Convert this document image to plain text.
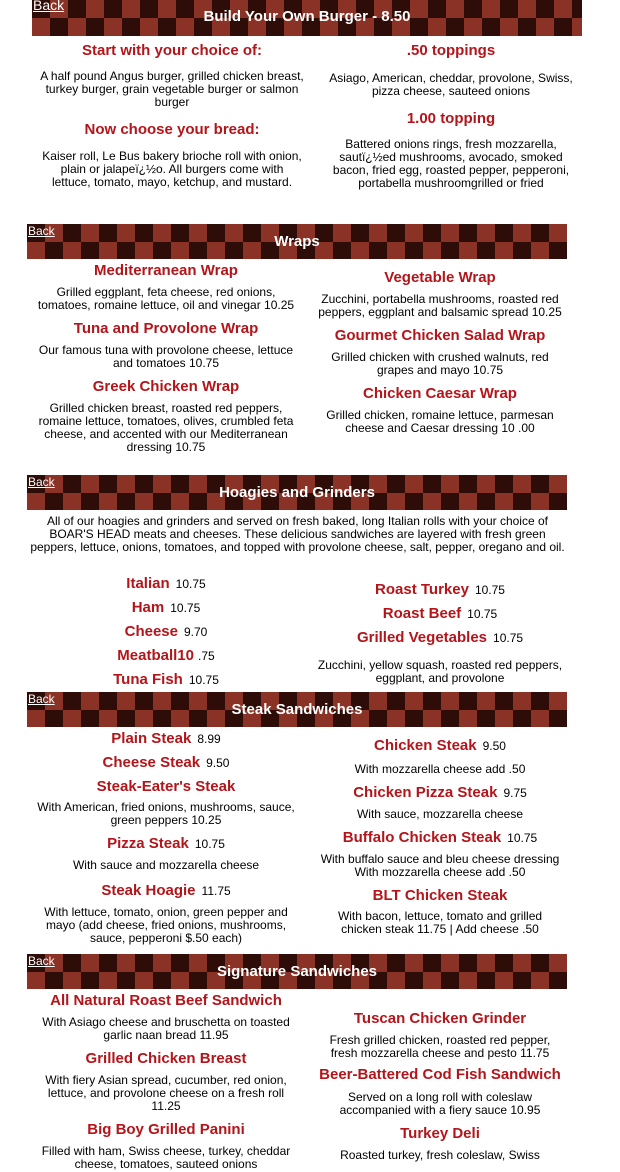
Back
Build Your Own Burger - 8.50

Start with your choice of:

A half pound Angus burger, grilled chicken breast, turkey burger, grain vegetable burger or salmon burger

Now choose your bread:

Kaiser roll, Le Bus bakery brioche roll with onion, plain or jalapeï¿½o. All burgers come with lettuce, tomato, mayo, ketchup, and mustard.

.50 toppings

Asiago, American, cheddar, provolone, Swiss, pizza cheese, sauteed onions

1.00 topping

Battered onions rings, fresh mozzarella, sautï¿½ed mushrooms, avocado, smoked bacon, fried egg, roasted pepper, pepperoni, portabella mushroomgrilled or fried

Back
Wraps

Mediterranean Wrap

Grilled eggplant, feta cheese, red onions, tomatoes, romaine lettuce, oil and vinegar 10.25

Tuna and Provolone Wrap

Our famous tuna with provolone cheese, lettuce and tomatoes 10.75

Greek Chicken Wrap

Grilled chicken breast, roasted red peppers, romaine lettuce, tomatoes, olives, crumbled feta cheese, and accented with our Mediterranean dressing 10.75

Vegetable Wrap

Zucchini, portabella mushrooms, roasted red peppers, eggplant and balsamic spread 10.25

Gourmet Chicken Salad Wrap

Grilled chicken with crushed walnuts, red grapes and mayo 10.75

Chicken Caesar Wrap

Grilled chicken, romaine lettuce, parmesan cheese and Caesar dressing 10 .00

Back
Hoagies and Grinders

All of our hoagies and grinders and served on fresh baked, long Italian rolls with your choice of BOAR'S HEAD meats and cheeses. These delicious sandwiches are layered with fresh green peppers, lettuce, onions, tomatoes, and topped with provolone cheese, salt, pepper, oregano and oil.

Italian 10.75
Ham 10.75
Cheese 9.70
Meatball10 .75
Tuna Fish 10.75
Roast Turkey 10.75
Roast Beef 10.75
Grilled Vegetables 10.75

Zucchini, yellow squash, roasted red peppers, eggplant, and provolone

Back
Steak Sandwiches
Plain Steak 8.99
Cheese Steak 9.50

Steak-Eater's Steak

With American, fried onions, mushrooms, sauce, green peppers 10.25

Pizza Steak 10.75

With sauce and mozzarella cheese

Steak Hoagie 11.75

With lettuce, tomato, onion, green pepper and mayo (add cheese, fried onions, mushrooms, sauce, pepperoni $.50 each)

Chicken Steak 9.50

With mozzarella cheese add .50

Chicken Pizza Steak 9.75

With sauce, mozzarella cheese

Buffalo Chicken Steak 10.75

With buffalo sauce and bleu cheese dressing With mozzarella cheese add .50

BLT Chicken Steak

With bacon, lettuce, tomato and grilled chicken steak 11.75 | Add cheese .50

Back
Signature Sandwiches

All Natural Roast Beef Sandwich

With Asiago cheese and bruschetta on toasted garlic naan bread 11.95

Grilled Chicken Breast

With fiery Asian spread, cucumber, red onion, lettuce, and provolone cheese on a fresh roll 11.25

Big Boy Grilled Panini

Filled with ham, Swiss cheese, turkey, cheddar cheese, tomatoes, sauteed onions

Tuscan Chicken Grinder

Fresh grilled chicken, roasted red pepper, fresh mozzarella cheese and pesto 11.75

Beer-Battered Cod Fish Sandwich

Served on a long roll with coleslaw accompanied with a fiery sauce 10.95

Turkey Deli

Roasted turkey, fresh coleslaw, Swiss
